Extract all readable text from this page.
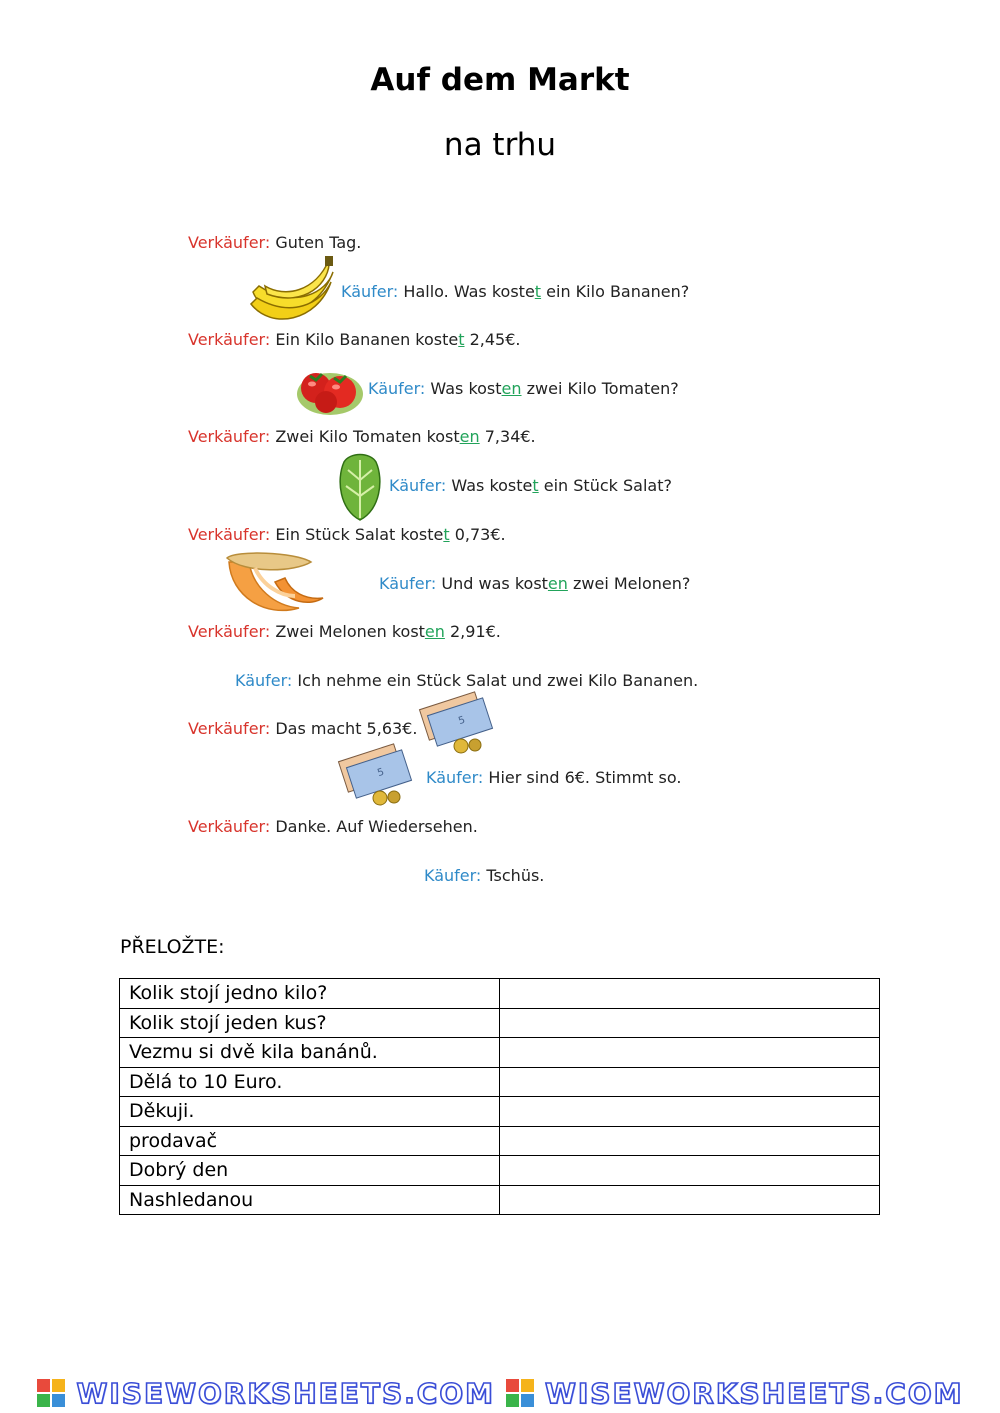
Auf dem Markt
na trhu
Verkäufer: Guten Tag.
Käufer: Hallo. Was kostet ein Kilo Bananen?
Verkäufer: Ein Kilo Bananen kostet 2,45€.
Käufer: Was kosten zwei Kilo Tomaten?
Verkäufer: Zwei Kilo Tomaten kosten 7,34€.
Käufer: Was kostet ein Stück Salat?
Verkäufer: Ein Stück Salat kostet 0,73€.
Käufer: Und was kosten zwei Melonen?
Verkäufer: Zwei Melonen kosten 2,91€.
Käufer: Ich nehme ein Stück Salat und zwei Kilo Bananen.
Verkäufer: Das macht 5,63€.
Käufer: Hier sind 6€. Stimmt so.
Verkäufer: Danke. Auf Wiedersehen.
Käufer: Tschüs.
5
5
PŘELOŽTE:
Kolik stojí jedno kilo?	
Kolik stojí jeden kus?	
Vezmu si dvě kila banánů.	
Dělá to 10 Euro.	
Děkuji.	
prodavač	
Dobrý den	
Nashledanou	
WISEWORKSHEETS.COM WISEWORKSHEETS.COM
